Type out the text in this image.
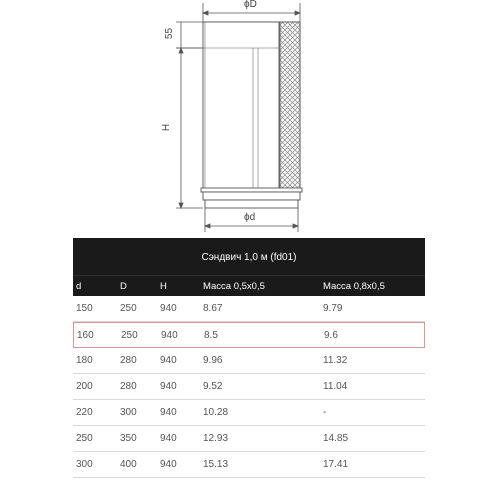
ϕD
ϕd
H
55
Сэндвич 1,0 м (fd01)
d	D	H	Масса 0,5x0,5	Масса 0,8x0,5
150	250 940	8.67	9.79
160	250 940	8.5	9.6
180	280 940	9.96	11.32
200	280 940	9.52	11.04
220	300 940	10.28	-
250	350 940	12.93	14.85
300	400 940	15.13	17.41
